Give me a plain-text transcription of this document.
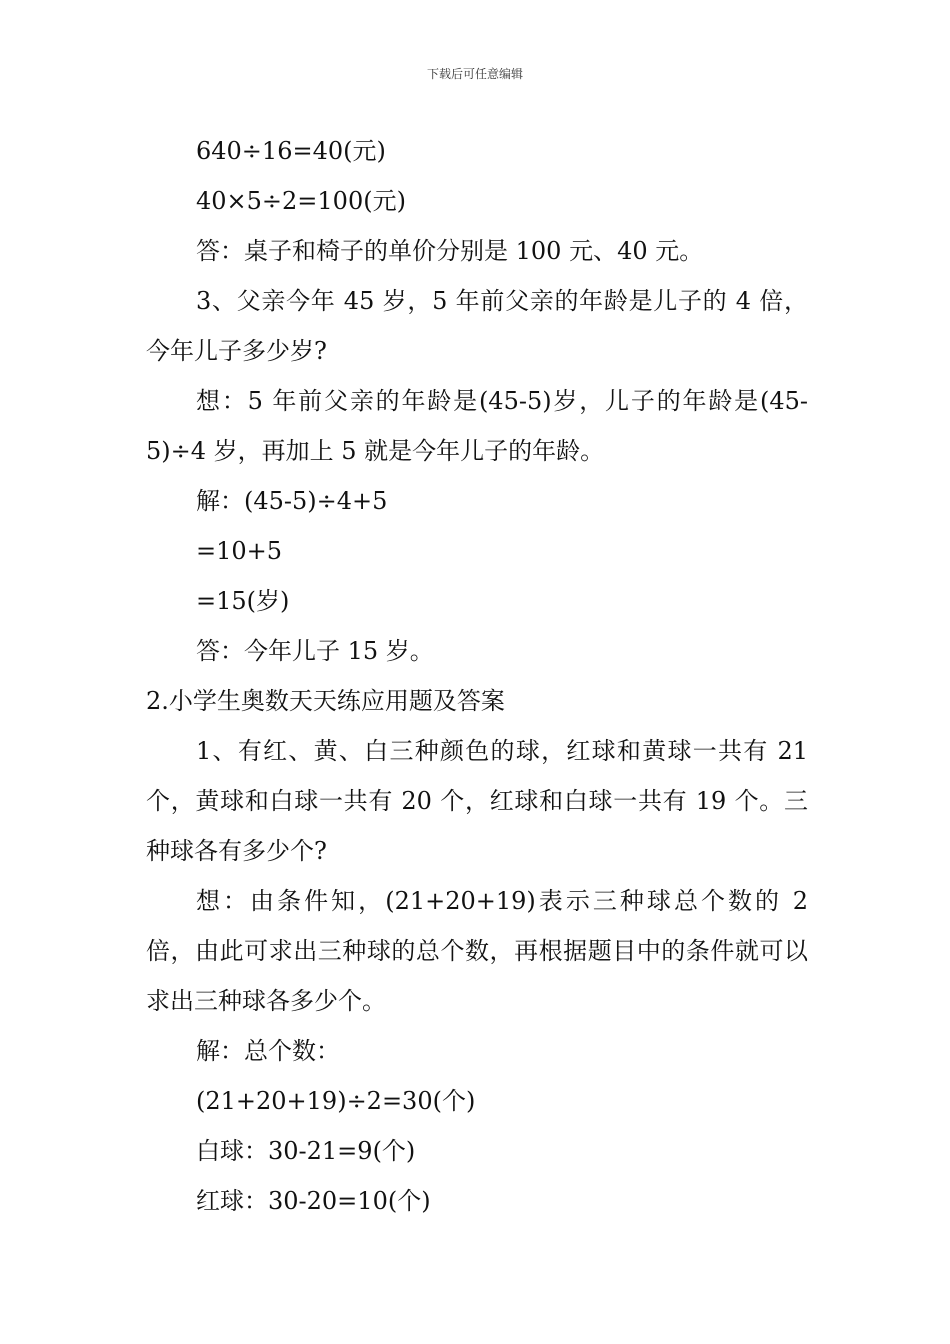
下载后可任意编辑
640÷16=40(元)
40×5÷2=100(元)
答：桌子和椅子的单价分别是 100 元、40 元。
3、父亲今年 45 岁，5 年前父亲的年龄是儿子的 4 倍，今年儿子多少岁?
想：5 年前父亲的年龄是(45-5)岁，儿子的年龄是(45-5)÷4 岁，再加上 5 就是今年儿子的年龄。
解：(45-5)÷4+5
=10+5
=15(岁)
答：今年儿子 15 岁。
2.小学生奥数天天练应用题及答案
1、有红、黄、白三种颜色的球，红球和黄球一共有 21 个，黄球和白球一共有 20 个，红球和白球一共有 19 个。三种球各有多少个?
想：由条件知，(21+20+19)表示三种球总个数的 2 倍，由此可求出三种球的总个数，再根据题目中的条件就可以求出三种球各多少个。
解：总个数：
(21+20+19)÷2=30(个)
白球：30-21=9(个)
红球：30-20=10(个)
